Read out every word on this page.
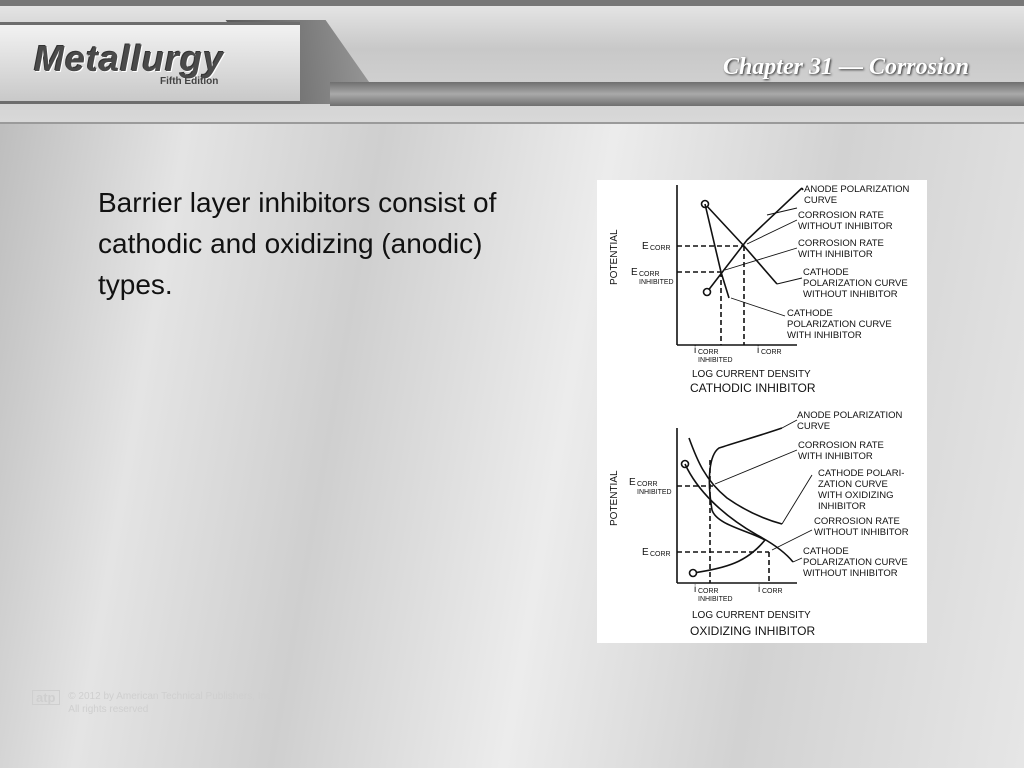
Metallurgy
Fifth Edition
Chapter 31 — Corrosion
Barrier layer inhibitors consist of cathodic and oxidizing (anodic) types.	POTENTIAL E CORR
E CORR
INHIBITED
i CORR
INHIBITED
i CORR
LOG CURRENT DENSITY
CATHODIC INHIBITOR
ANODE POLARIZATION
CURVE
CORROSION RATE
WITHOUT INHIBITOR
CORROSION RATE
WITH INHIBITOR
CATHODE
POLARIZATION CURVE
WITHOUT INHIBITOR
CATHODE
POLARIZATION CURVE
WITH INHIBITOR
POTENTIAL E CORR
INHIBITED
E CORR
i CORR
INHIBITED
i CORR
LOG CURRENT DENSITY
OXIDIZING INHIBITOR
ANODE POLARIZATION
CURVE
CORROSION RATE
WITH INHIBITOR
CATHODE POLARI-
ZATION CURVE
WITH OXIDIZING
INHIBITOR
CORROSION RATE
WITHOUT INHIBITOR
CATHODE
POLARIZATION CURVE
WITHOUT INHIBITOR
atp © 2012 by American Technical Publishers, Inc.
All rights reserved
